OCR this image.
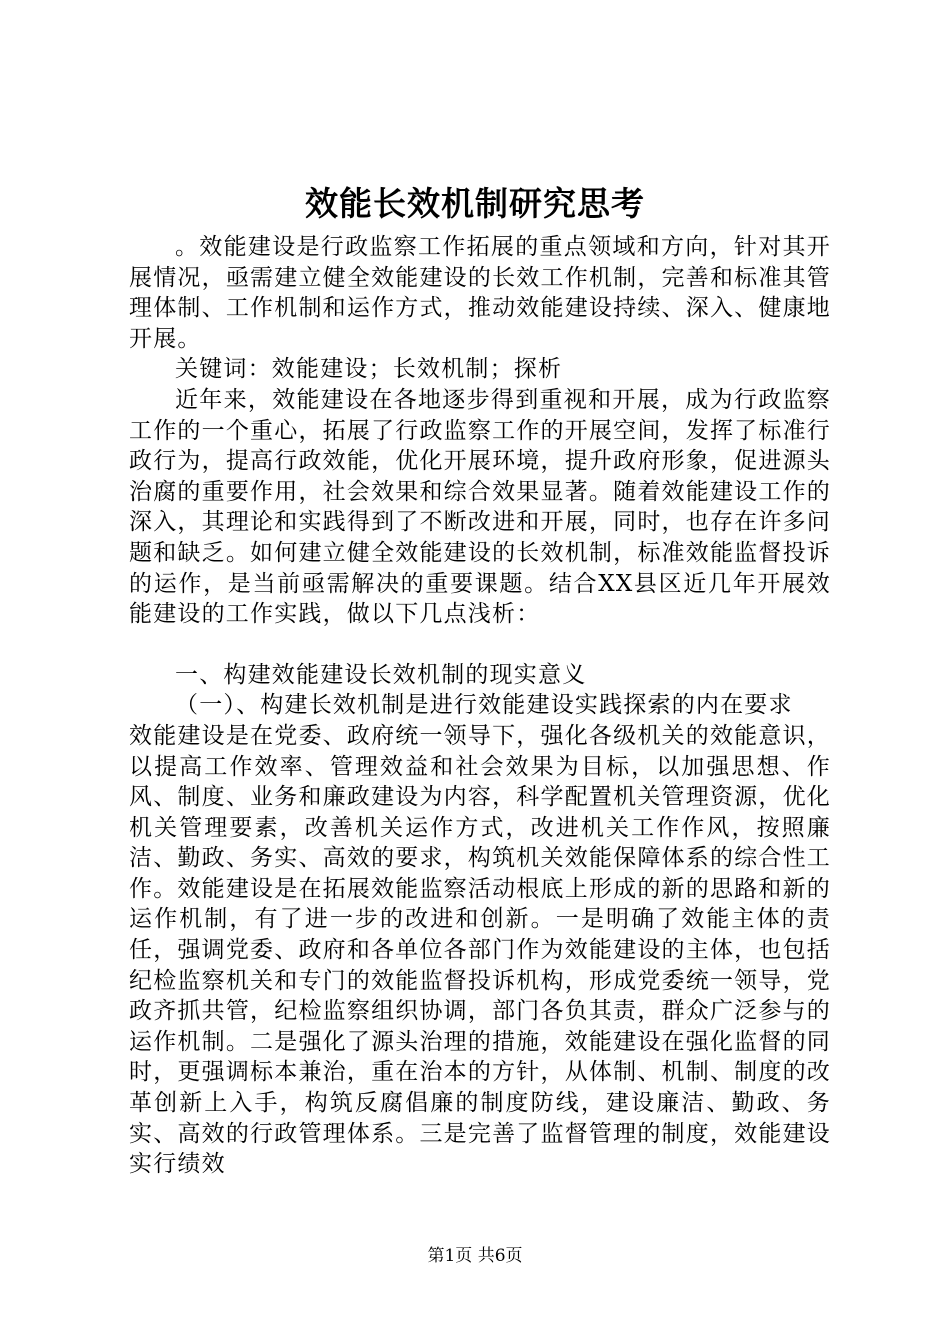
效能长效机制研究思考

。效能建设是行政监察工作拓展的重点领域和方向，针对其开展情况，亟需建立健全效能建设的长效工作机制，完善和标准其管理体制、工作机制和运作方式，推动效能建设持续、深入、健康地开展。

关键词：效能建设；长效机制；探析

近年来，效能建设在各地逐步得到重视和开展，成为行政监察工作的一个重心，拓展了行政监察工作的开展空间，发挥了标准行政行为，提高行政效能，优化开展环境，提升政府形象，促进源头治腐的重要作用，社会效果和综合效果显著。随着效能建设工作的深入，其理论和实践得到了不断改进和开展，同时，也存在许多问题和缺乏。如何建立健全效能建设的长效机制，标准效能监督投诉的运作，是当前亟需解决的重要课题。结合XX县区近几年开展效能建设的工作实践，做以下几点浅析：

一、构建效能建设长效机制的现实意义

（一）、构建长效机制是进行效能建设实践探索的内在要求

效能建设是在党委、政府统一领导下，强化各级机关的效能意识，以提高工作效率、管理效益和社会效果为目标，以加强思想、作风、制度、业务和廉政建设为内容，科学配置机关管理资源，优化机关管理要素，改善机关运作方式，改进机关工作作风，按照廉洁、勤政、务实、高效的要求，构筑机关效能保障体系的综合性工作。效能建设是在拓展效能监察活动根底上形成的新的思路和新的运作机制，有了进一步的改进和创新。一是明确了效能主体的责任，强调党委、政府和各单位各部门作为效能建设的主体，也包括纪检监察机关和专门的效能监督投诉机构，形成党委统一领导，党政齐抓共管，纪检监察组织协调，部门各负其责，群众广泛参与的运作机制。二是强化了源头治理的措施，效能建设在强化监督的同时，更强调标本兼治，重在治本的方针，从体制、机制、制度的改革创新上入手，构筑反腐倡廉的制度防线，建设廉洁、勤政、务实、高效的行政管理体系。三是完善了监督管理的制度，效能建设实行绩效

第1页 共6页
